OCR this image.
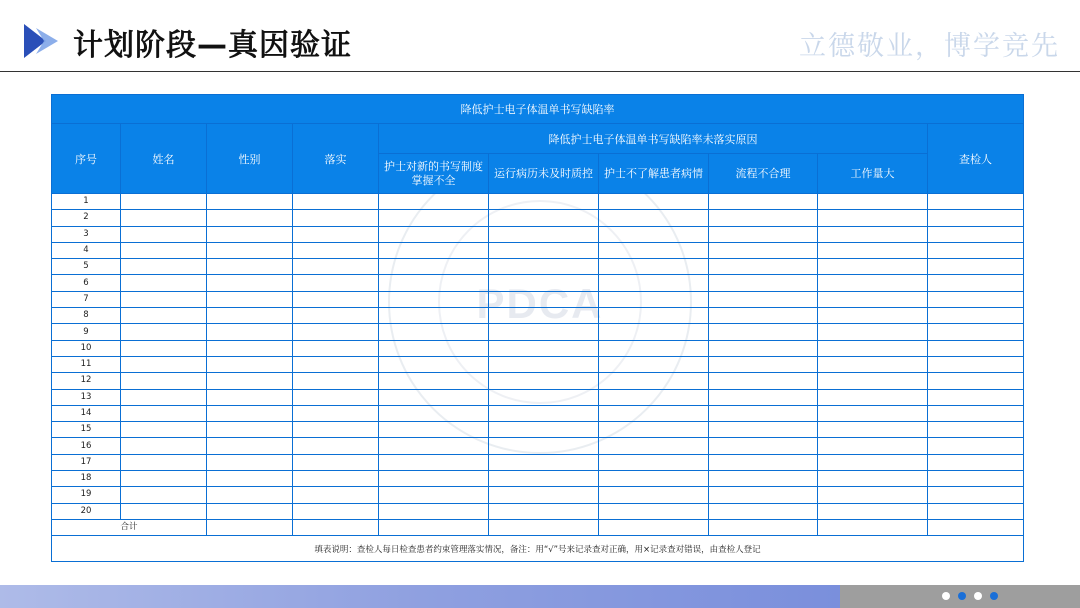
计划阶段—真因验证	立德敬业，博学竞先
PDCA
降低护士电子体温单书写缺陷率									
序号	姓名	性别	落实	降低护士电子体温单书写缺陷率未落实原因					查检人
				护士对新的书写制度掌握不全	运行病历未及时质控	护士不了解患者病情	流程不合理	工作量大	
1									
2									
3									
4									
5									
6									
7									
8									
9									
10									
11									
12									
13									
14									
15									
16									
17									
18									
19									
20									
合计									
填表说明：查检人每日检查患者约束管理落实情况，备注：用“√”号来记录查对正确，用×记录查对错误，由查检人登记									
